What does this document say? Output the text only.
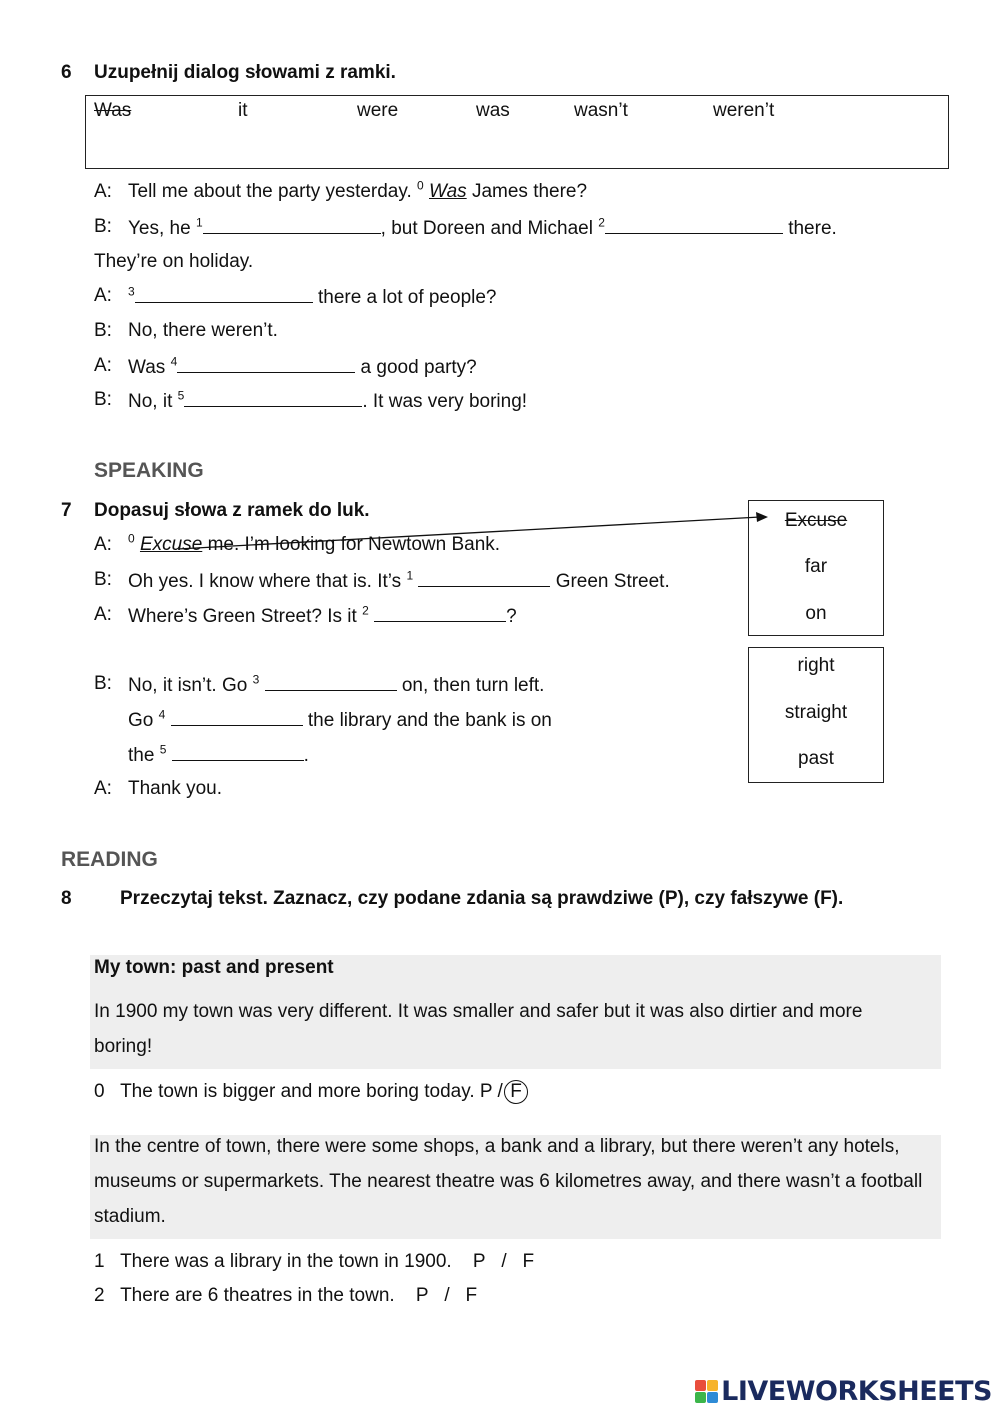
6 Uzupełnij dialog słowami z ramki.
Was	it	were	was	wasn’t	weren’t
A: Tell me about the party yesterday. $^0$ Was James there?
B: Yes, he $^1$	, but Doreen and Michael $^2$	there.
They’re on holiday.
A:	$^3$	there a lot of people?
B: No, there weren’t.
A: Was $^4$	a good party?
B: No, it $^5$	. It was very boring!
SPEAKING
7 Dopasuj słowa z ramek do luk.	Excuse
far
on
right
straight
past
A:	$^0$ Excuse me. I’m looking for Newtown Bank.
B: Oh yes. I know where that is. It’s $^1$	Green Street.
A: Where’s Green Street? Is it $^2$	?
B: No, it isn’t. Go $^3$	on, then turn left.
Go $^4$	the library and the bank is on
the $^5$	.
A: Thank you.
READING
8	Przeczytaj tekst. Zaznacz, czy podane zdania są prawdziwe (P), czy fałszywe (F).
My town: past and present
In 1900 my town was very different. It was smaller and safer but it was also dirtier and more boring!
0 The town is bigger and more boring today. P / F
In the centre of town, there were some shops, a bank and a library, but there weren’t any hotels, museums or supermarkets. The nearest theatre was 6 kilometres away, and there wasn’t a football stadium.
1 There was a library in the town in 1900. P / F
2 There are 6 theatres in the town. P / F
LIVEWORKSHEETS
